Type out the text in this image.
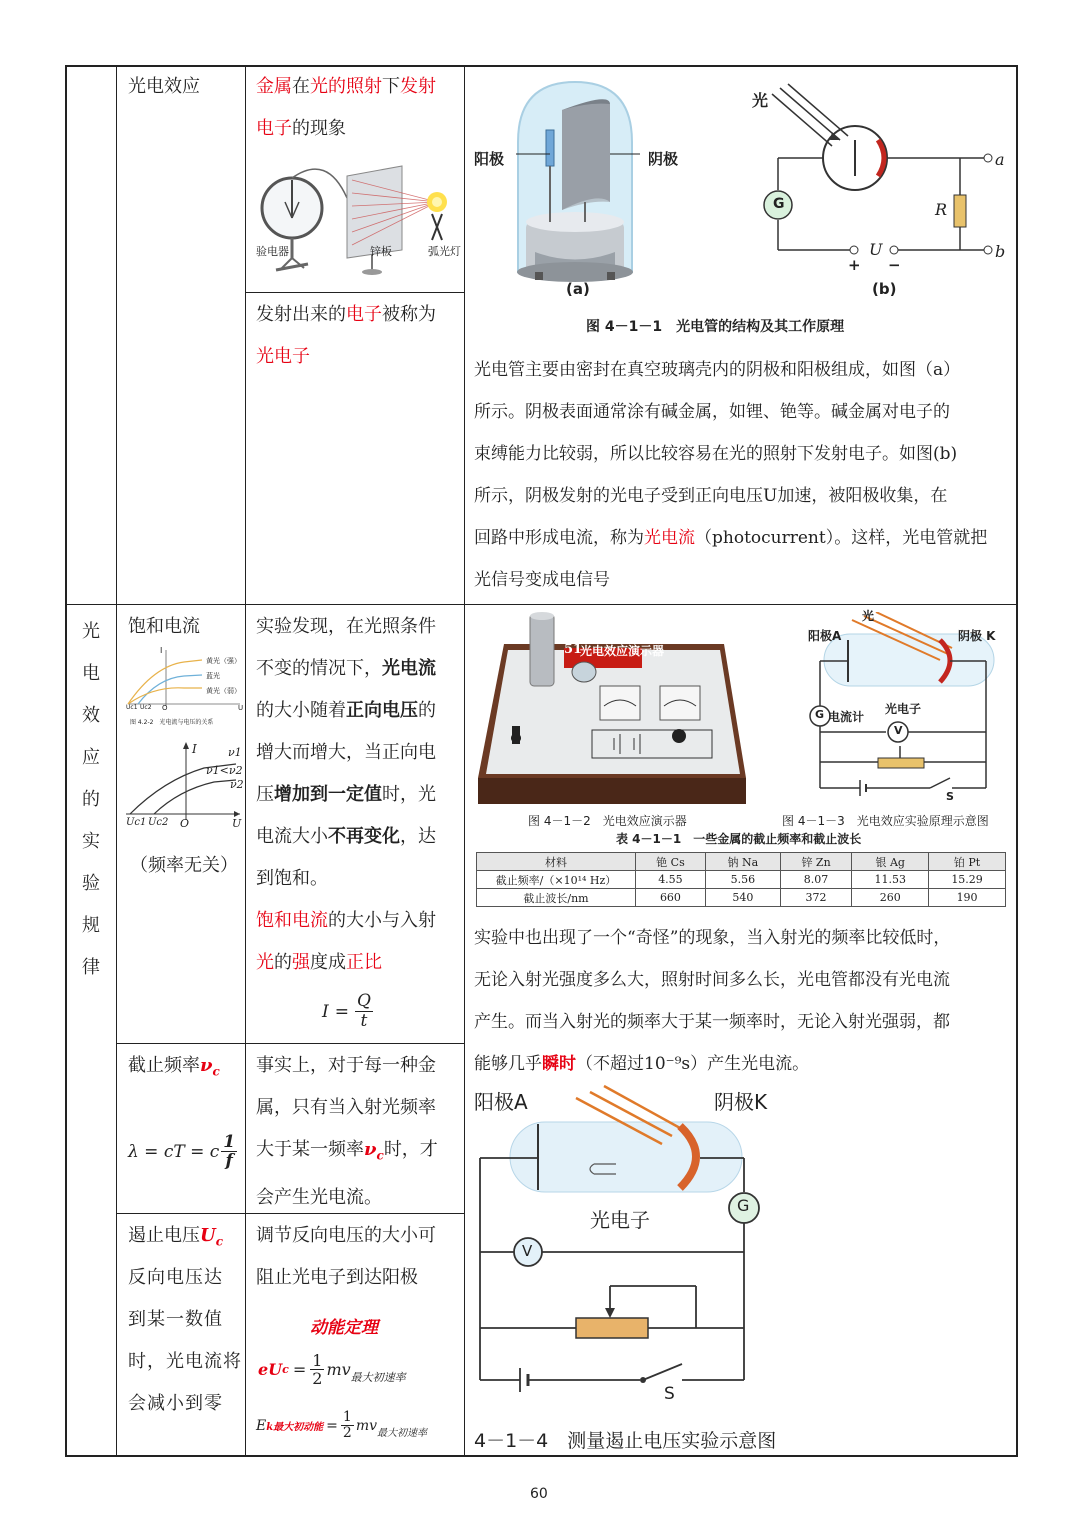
光电效应	金属在光的照射下发射
电子的现象
验电器	锌板	弧光灯
发射出来的电子被称为
光电子
阳极	阴极
(a)
光
G	R
U
a
b
+ −
(b)
图 4－1－1　光电管的结构及其工作原理
光电管主要由密封在真空玻璃壳内的阴极和阳极组成，如图（a）
所示。阴极表面通常涂有碱金属，如锂、铯等。碱金属对电子的
束缚能力比较弱，所以比较容易在光的照射下发射电子。如图(b)
所示，阴极发射的光电子受到正向电压U加速，被阳极收集，在
回路中形成电流，称为光电流（photocurrent）。这样，光电管就把
光信号变成电信号
光
电
效
应
的
实
验
规
律
饱和电流
I
黄光（强）
蓝光
黄光（弱）
U
Uc1 Uc2 O
图 4.2-2　光电流与电压的关系
I	ν1
ν1<ν2
ν2
Uc1 Uc2 O	U
（频率无关）
实验发现，在光照条件
不变的情况下，光电流
的大小随着正向电压的
增大而增大，当正向电
压增加到一定值时，光
电流大小不再变化，达
到饱和。
饱和电流的大小与入射
光的强度成正比
$I = \frac{Q}{t}$
截止频率$\nu_c$
λ = cT = c $\frac{1}{f}$
事实上，对于每一种金
属，只有当入射光频率
大于某一频率$\nu_c$时，才
会产生光电流。
遏止电压$U_c$
反向电压达
到某一数值
时，光电流将
会减小到零
调节反向电压的大小可
阻止光电子到达阳极
动能定理
eU $c = \frac{1}{2} mv_{最大初速率}$
E k最大初动能 = $\frac{1}{2} mv_{最大初速率}$
51
光电效应演示器
光
阳极A	阴极 K
光电子
G 电流计
V
S
图 4－1－2　光电效应演示器	图 4－1－3　光电效应实验原理示意图
表 4－1－1　一些金属的截止频率和截止波长
材料	铯 Cs	钠 Na	锌 Zn	银 Ag	铂 Pt
截止频率/（×10¹⁴ Hz）	4.55	5.56	8.07	11.53	15.29
截止波长/nm	660	540	372	260	190
实验中也出现了一个“奇怪”的现象，当入射光的频率比较低时，
无论入射光强度多么大，照射时间多么长，光电管都没有光电流
产生。而当入射光的频率大于某一频率时，无论入射光强弱，都
能够几乎瞬时（不超过10⁻⁹s）产生光电流。
阳极A	阴极K
光电子
G
V
S
4－1－4　测量遏止电压实验示意图
60
